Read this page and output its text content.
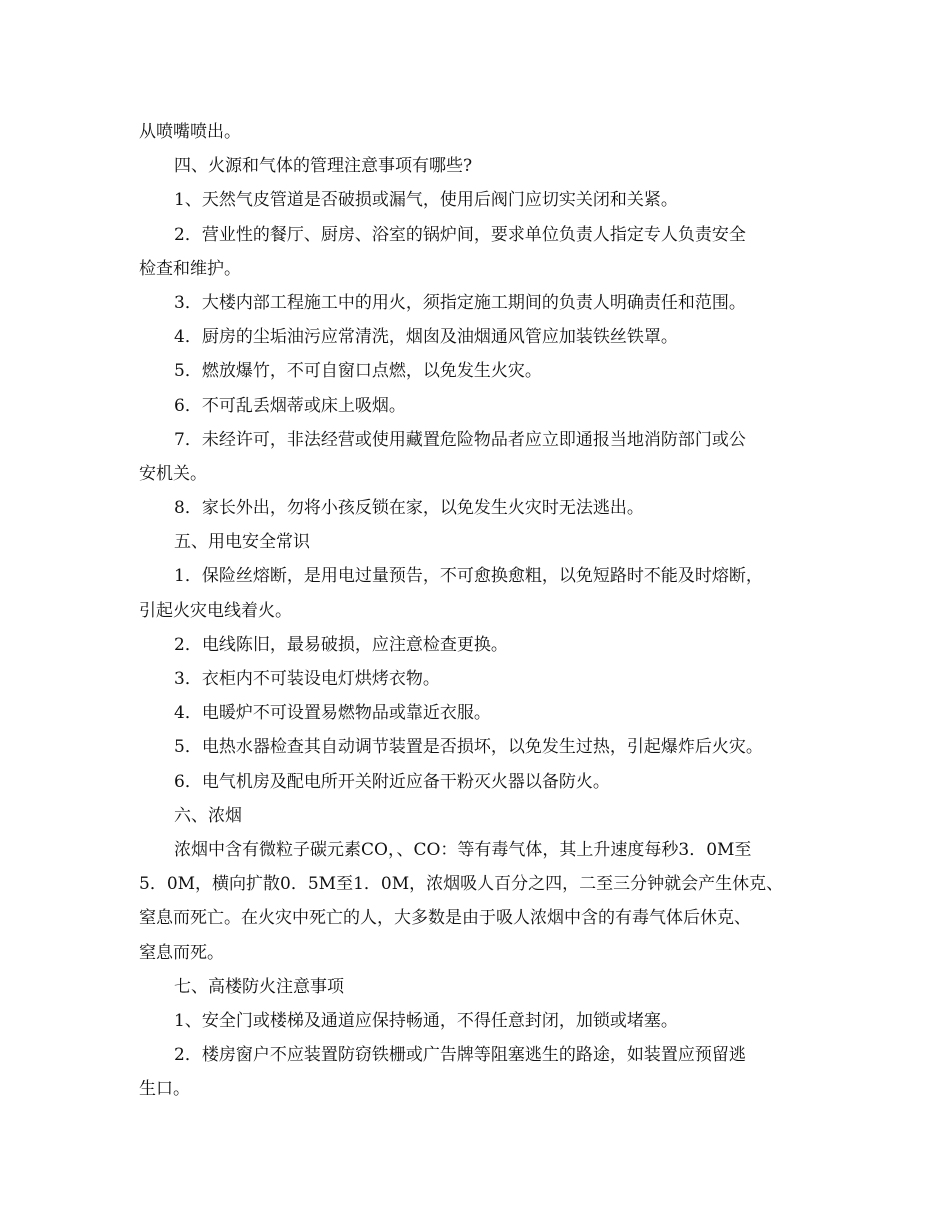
从喷嘴喷出。
四、火源和气体的管理注意事项有哪些?
1、天然气皮管道是否破损或漏气，使用后阀门应切实关闭和关紧。
2．营业性的餐厅、厨房、浴室的锅炉间，要求单位负责人指定专人负责安全
检查和维护。
3．大楼内部工程施工中的用火，须指定施工期间的负责人明确责任和范围。
4．厨房的尘垢油污应常清洗，烟囱及油烟通风管应加装铁丝铁罩。
5．燃放爆竹，不可自窗口点燃，以免发生火灾。
6．不可乱丢烟蒂或床上吸烟。
7．未经许可，非法经营或使用藏置危险物品者应立即通报当地消防部门或公
安机关。
8．家长外出，勿将小孩反锁在家，以免发生火灾时无法逃出。
五、用电安全常识
1．保险丝熔断，是用电过量预告，不可愈换愈粗，以免短路时不能及时熔断，
引起火灾电线着火。
2．电线陈旧，最易破损，应注意检查更换。
3．衣柜内不可装设电灯烘烤衣物。
4．电暖炉不可设置易燃物品或靠近衣服。
5．电热水器检查其自动调节装置是否损坏，以免发生过热，引起爆炸后火灾。
6．电气机房及配电所开关附近应备干粉灭火器以备防火。
六、浓烟
浓烟中含有微粒子碳元素CO，、CO：等有毒气体，其上升速度每秒3．0M至
5．0M，横向扩散0．5M至1．0M，浓烟吸人百分之四，二至三分钟就会产生休克、
窒息而死亡。在火灾中死亡的人，大多数是由于吸人浓烟中含的有毒气体后休克、
窒息而死。
七、高楼防火注意事项
1、安全门或楼梯及通道应保持畅通，不得任意封闭，加锁或堵塞。
2．楼房窗户不应装置防窃铁栅或广告牌等阻塞逃生的路途，如装置应预留逃
生口。
